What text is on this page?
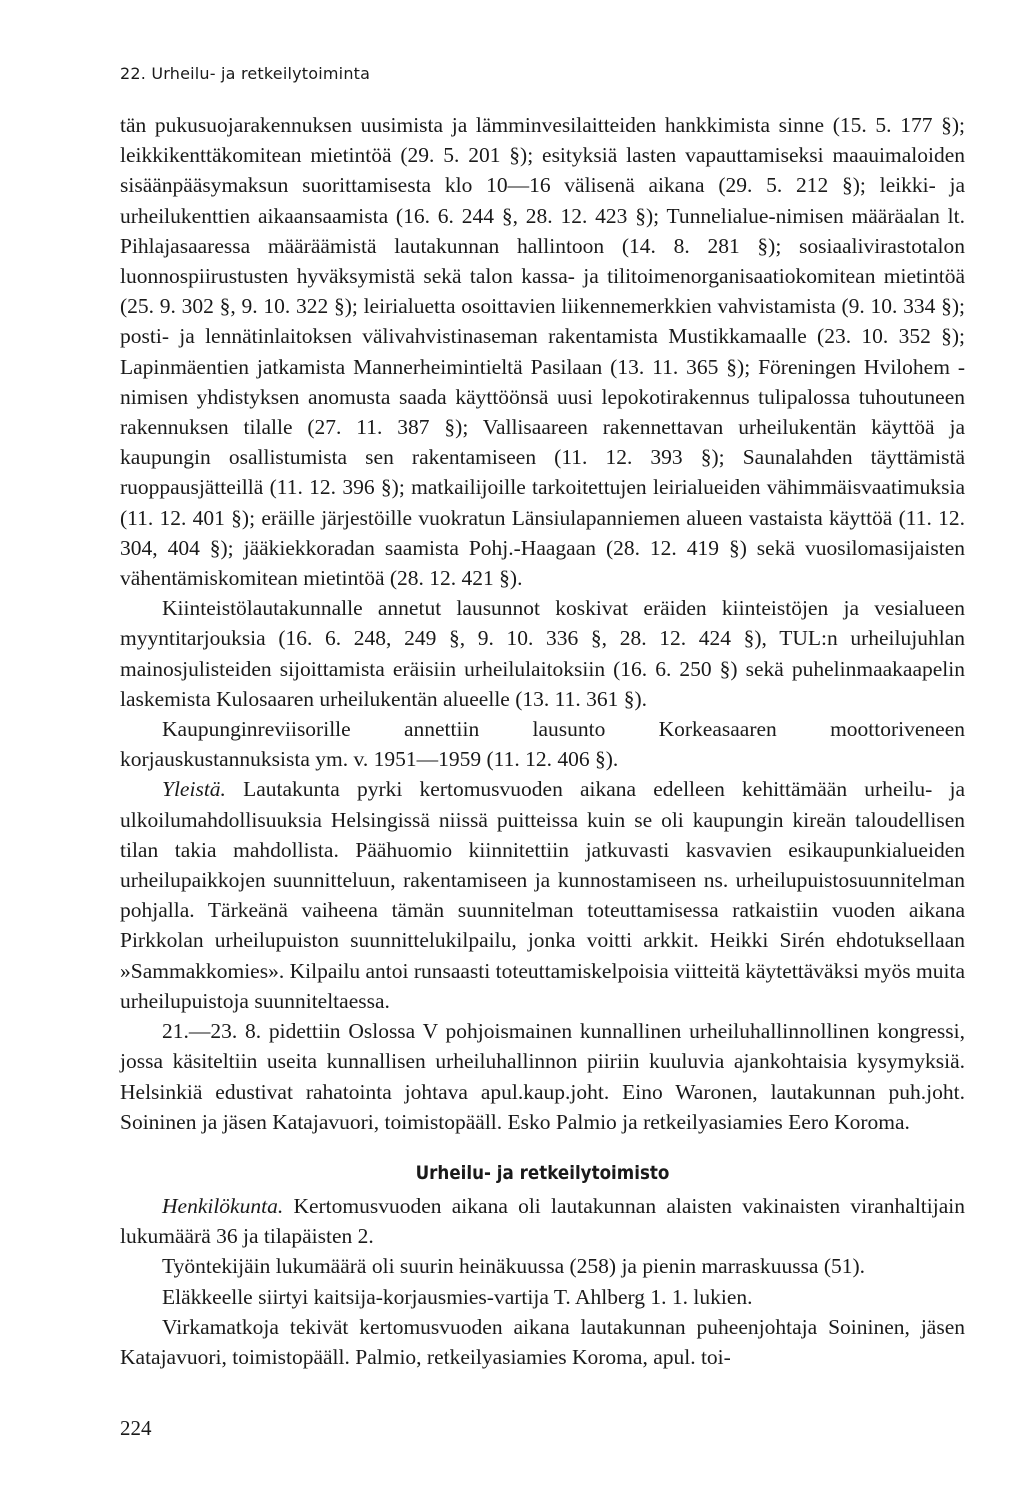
22. Urheilu- ja retkeilytoiminta

tän pukusuojarakennuksen uusimista ja lämminvesilaitteiden hankkimista sinne (15. 5. 177 §); leikkikenttäkomitean mietintöä (29. 5. 201 §); esityksiä lasten vapauttamiseksi maauimaloiden sisäänpääsymaksun suorittamisesta klo 10—16 välisenä aikana (29. 5. 212 §); leikki- ja urheilukenttien aikaansaamista (16. 6. 244 §, 28. 12. 423 §); Tunnelialue-nimisen määräalan lt. Pihlajasaaressa määräämistä lautakunnan hallintoon (14. 8. 281 §); sosiaalivirastotalon luonnospiirustusten hyväksymistä sekä talon kassa- ja tilitoimenorganisaatiokomitean mietintöä (25. 9. 302 §, 9. 10. 322 §); leirialuetta osoittavien liikennemerkkien vahvistamista (9. 10. 334 §); posti- ja lennätinlaitoksen välivahvistinaseman rakentamista Mustikkamaalle (23. 10. 352 §); Lapinmäentien jatkamista Mannerheimintieltä Pasilaan (13. 11. 365 §); Föreningen Hvilohem -nimisen yhdistyksen anomusta saada käyttöönsä uusi lepokotirakennus tulipalossa tuhoutuneen rakennuksen tilalle (27. 11. 387 §); Vallisaareen rakennettavan urheilukentän käyttöä ja kaupungin osallistumista sen rakentamiseen (11. 12. 393 §); Saunalahden täyttämistä ruoppausjätteillä (11. 12. 396 §); matkailijoille tarkoitettujen leirialueiden vähimmäisvaatimuksia (11. 12. 401 §); eräille järjestöille vuokratun Länsiulapanniemen alueen vastaista käyttöä (11. 12. 304, 404 §); jääkiekkoradan saamista Pohj.-Haagaan (28. 12. 419 §) sekä vuosilomasijaisten vähentämiskomitean mietintöä (28. 12. 421 §).

Kiinteistölautakunnalle annetut lausunnot koskivat eräiden kiinteistöjen ja vesialueen myyntitarjouksia (16. 6. 248, 249 §, 9. 10. 336 §, 28. 12. 424 §), TUL:n urheilujuhlan mainosjulisteiden sijoittamista eräisiin urheilulaitoksiin (16. 6. 250 §) sekä puhelinmaakaapelin laskemista Kulosaaren urheilukentän alueelle (13. 11. 361 §).

Kaupunginreviisorille annettiin lausunto Korkeasaaren moottoriveneen korjauskustannuksista ym. v. 1951—1959 (11. 12. 406 §).

Yleistä. Lautakunta pyrki kertomusvuoden aikana edelleen kehittämään urheilu- ja ulkoilumahdollisuuksia Helsingissä niissä puitteissa kuin se oli kaupungin kireän taloudellisen tilan takia mahdollista. Päähuomio kiinnitettiin jatkuvasti kasvavien esikaupunkialueiden urheilupaikkojen suunnitteluun, rakentamiseen ja kunnostamiseen ns. urheilupuistosuunnitelman pohjalla. Tärkeänä vaiheena tämän suunnitelman toteuttamisessa ratkaistiin vuoden aikana Pirkkolan urheilupuiston suunnittelukilpailu, jonka voitti arkkit. Heikki Sirén ehdotuksellaan »Sammakkomies». Kilpailu antoi runsaasti toteuttamiskelpoisia viitteitä käytettäväksi myös muita urheilupuistoja suunniteltaessa.

21.—23. 8. pidettiin Oslossa V pohjoismainen kunnallinen urheiluhallinnollinen kongressi, jossa käsiteltiin useita kunnallisen urheiluhallinnon piiriin kuuluvia ajankohtaisia kysymyksiä. Helsinkiä edustivat rahatointa johtava apul.kaup.joht. Eino Waronen, lautakunnan puh.joht. Soininen ja jäsen Katajavuori, toimistopääll. Esko Palmio ja retkeilyasiamies Eero Koroma.

Urheilu- ja retkeilytoimisto

Henkilökunta. Kertomusvuoden aikana oli lautakunnan alaisten vakinaisten viranhaltijain lukumäärä 36 ja tilapäisten 2.

Työntekijäin lukumäärä oli suurin heinäkuussa (258) ja pienin marraskuussa (51).

Eläkkeelle siirtyi kaitsija-korjausmies-vartija T. Ahlberg 1. 1. lukien.

Virkamatkoja tekivät kertomusvuoden aikana lautakunnan puheenjohtaja Soininen, jäsen Katajavuori, toimistopääll. Palmio, retkeilyasiamies Koroma, apul. toi-

224
